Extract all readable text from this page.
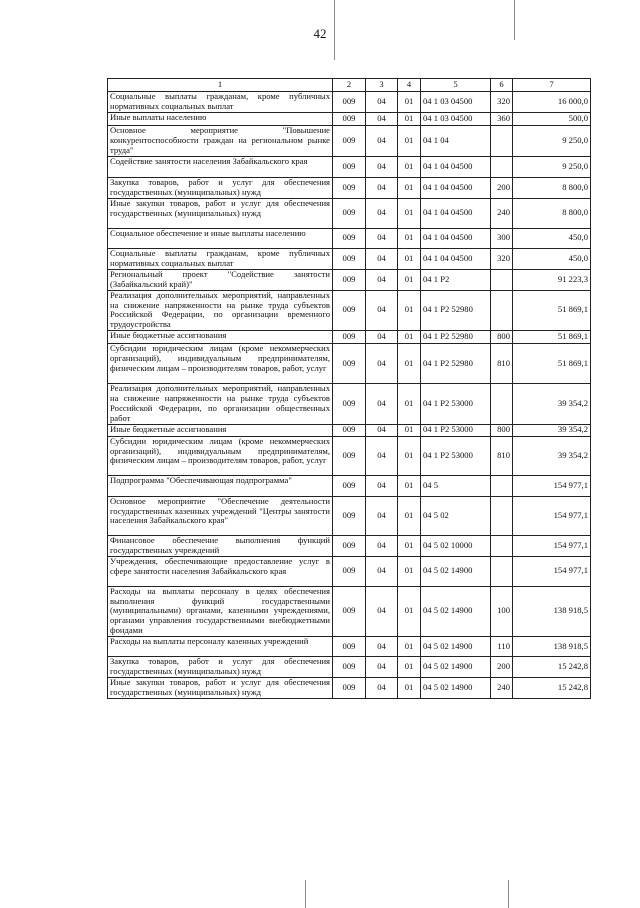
42
1	2	3	4	5	6	7
Социальные выплаты гражданам, кроме публичных нормативных социальных выплат	009	04	01	04 1 03 04500	320	16 000,0
Иные выплаты населению	009	04	01	04 1 03 04500	360	500,0
Основное мероприятие "Повышение конкурентоспособности граждан на региональном рынке труда"	009	04	01	04 1 04		9 250,0
Содействие занятости населения Забайкальского края	009	04	01	04 1 04 04500		9 250,0
Закупка товаров, работ и услуг для обеспечения государственных (муниципальных) нужд	009	04	01	04 1 04 04500	200	8 800,0
Иные закупки товаров, работ и услуг для обеспечения государственных (муниципальных) нужд	009	04	01	04 1 04 04500	240	8 800,0
Социальное обеспечение и иные выплаты населению	009	04	01	04 1 04 04500	300	450,0
Социальные выплаты гражданам, кроме публичных нормативных социальных выплат	009	04	01	04 1 04 04500	320	450,0
Региональный проект "Содействие занятости (Забайкальский край)"	009	04	01	04 1 P2		91 223,3
Реализация дополнительных мероприятий, направленных на снижение напряженности на рынке труда субъектов Российской Федерации, по организации временного трудоустройства	009	04	01	04 1 P2 52980		51 869,1
Иные бюджетные ассигнования	009	04	01	04 1 P2 52980	800	51 869,1
Субсидии юридическим лицам (кроме некоммерческих организаций), индивидуальным предпринимателям, физическим лицам – производителям товаров, работ, услуг	009	04	01	04 1 P2 52980	810	51 869,1
Реализация дополнительных мероприятий, направленных на снижение напряженности на рынке труда субъектов Российской Федерации, по организации общественных работ	009	04	01	04 1 P2 53000		39 354,2
Иные бюджетные ассигнования	009	04	01	04 1 P2 53000	800	39 354,2
Субсидии юридическим лицам (кроме некоммерческих организаций), индивидуальным предпринимателям, физическим лицам – производителям товаров, работ, услуг	009	04	01	04 1 P2 53000	810	39 354,2
Подпрограмма "Обеспечивающая подпрограмма"	009	04	01	04 5		154 977,1
Основное мероприятие "Обеспечение деятельности государственных казенных учреждений "Центры занятости населения Забайкальского края"	009	04	01	04 5 02		154 977,1
Финансовое обеспечение выполнения функций государственных учреждений	009	04	01	04 5 02 10000		154 977,1
Учреждения, обеспечивающие предоставление услуг в сфере занятости населения Забайкальского края	009	04	01	04 5 02 14900		154 977,1
Расходы на выплаты персоналу в целях обеспечения выполнения функций государственными (муниципальными) органами, казенными учреждениями, органами управления государственными внебюджетными фондами	009	04	01	04 5 02 14900	100	138 918,5
Расходы на выплаты персоналу казенных учреждений	009	04	01	04 5 02 14900	110	138 918,5
Закупка товаров, работ и услуг для обеспечения государственных (муниципальных) нужд	009	04	01	04 5 02 14900	200	15 242,8
Иные закупки товаров, работ и услуг для обеспечения государственных (муниципальных) нужд	009	04	01	04 5 02 14900	240	15 242,8
